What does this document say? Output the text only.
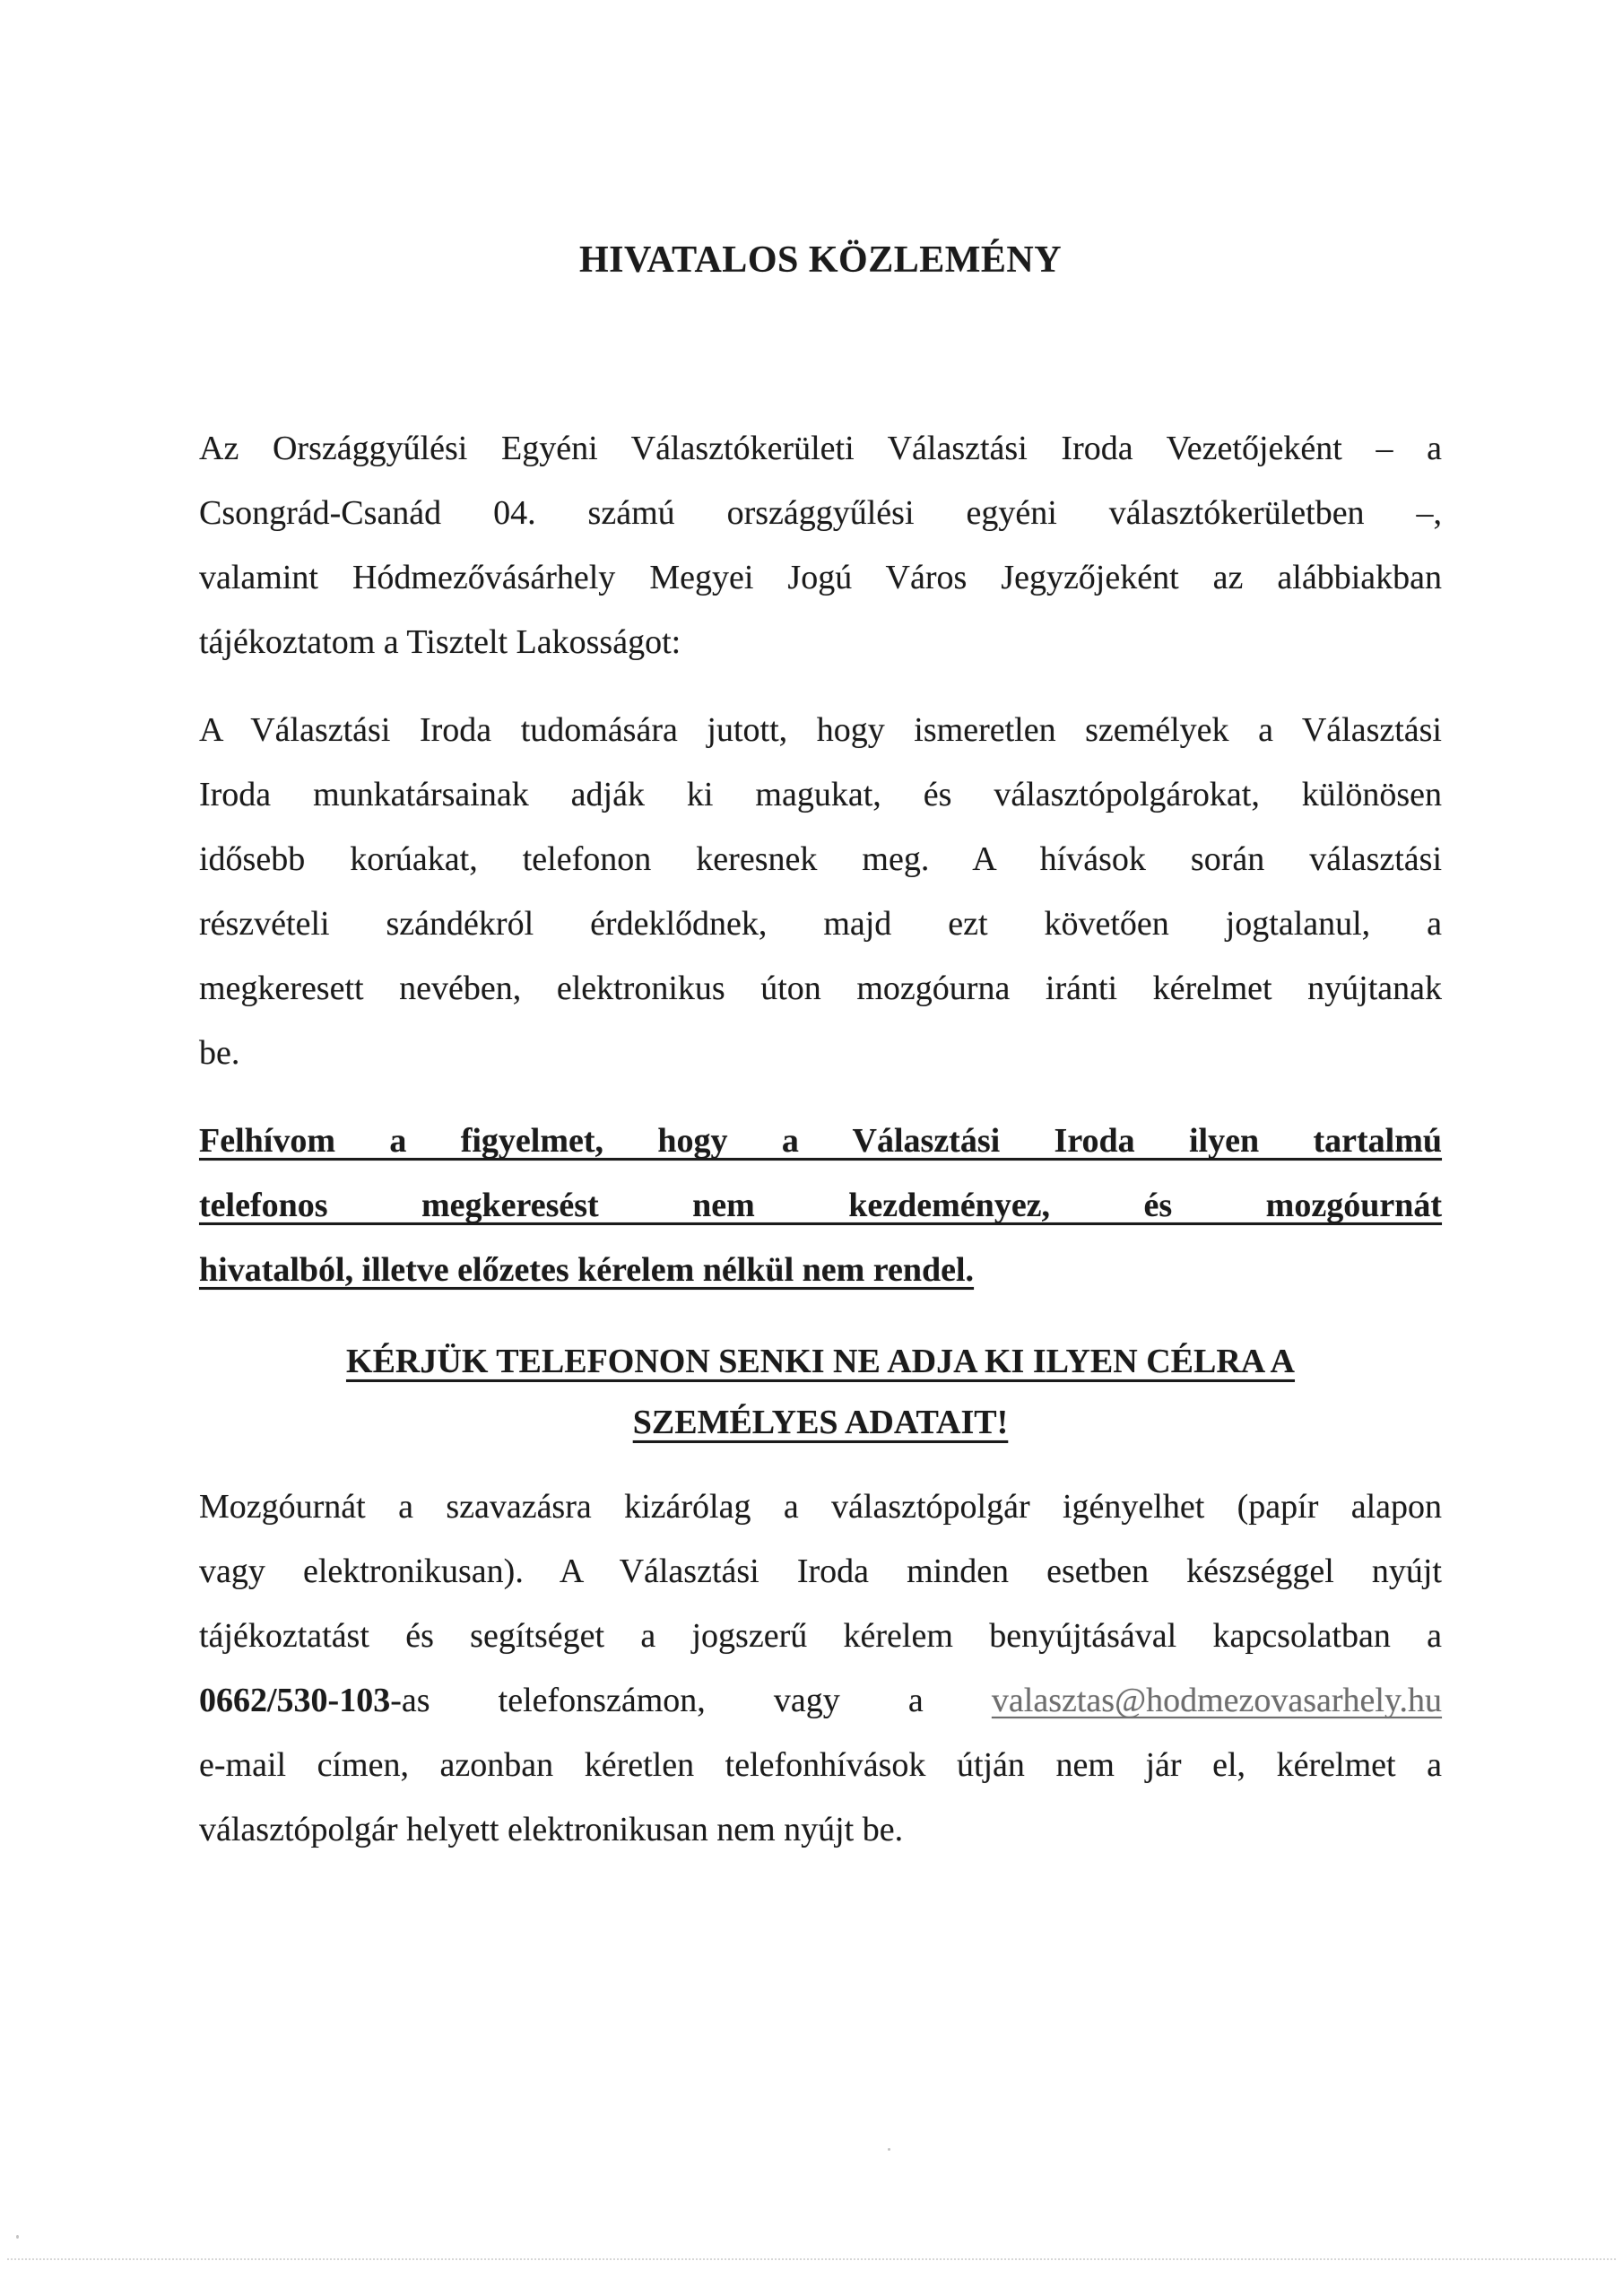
HIVATALOS KÖZLEMÉNY
Az Országgyűlési Egyéni Választókerületi Választási Iroda Vezetőjeként – a
Csongrád-Csanád 04. számú országgyűlési egyéni választókerületben –,
valamint Hódmezővásárhely Megyei Jogú Város Jegyzőjeként az alábbiakban
tájékoztatom a Tisztelt Lakosságot:
A Választási Iroda tudomására jutott, hogy ismeretlen személyek a Választási
Iroda munkatársainak adják ki magukat, és választópolgárokat, különösen
idősebb korúakat, telefonon keresnek meg. A hívások során választási
részvételi szándékról érdeklődnek, majd ezt követően jogtalanul, a
megkeresett nevében, elektronikus úton mozgóurna iránti kérelmet nyújtanak
be.
Felhívom a figyelmet, hogy a Választási Iroda ilyen tartalmú
telefonos megkeresést nem kezdeményez, és mozgóurnát
hivatalból, illetve előzetes kérelem nélkül nem rendel.
KÉRJÜK TELEFONON SENKI NE ADJA KI ILYEN CÉLRA A
SZEMÉLYES ADATAIT!
Mozgóurnát a szavazásra kizárólag a választópolgár igényelhet (papír alapon
vagy elektronikusan). A Választási Iroda minden esetben készséggel nyújt
tájékoztatást és segítséget a jogszerű kérelem benyújtásával kapcsolatban a
0662/530-103-as telefonszámon, vagy a valasztas@hodmezovasarhely.hu
e-mail címen, azonban kéretlen telefonhívások útján nem jár el, kérelmet a
választópolgár helyett elektronikusan nem nyújt be.
